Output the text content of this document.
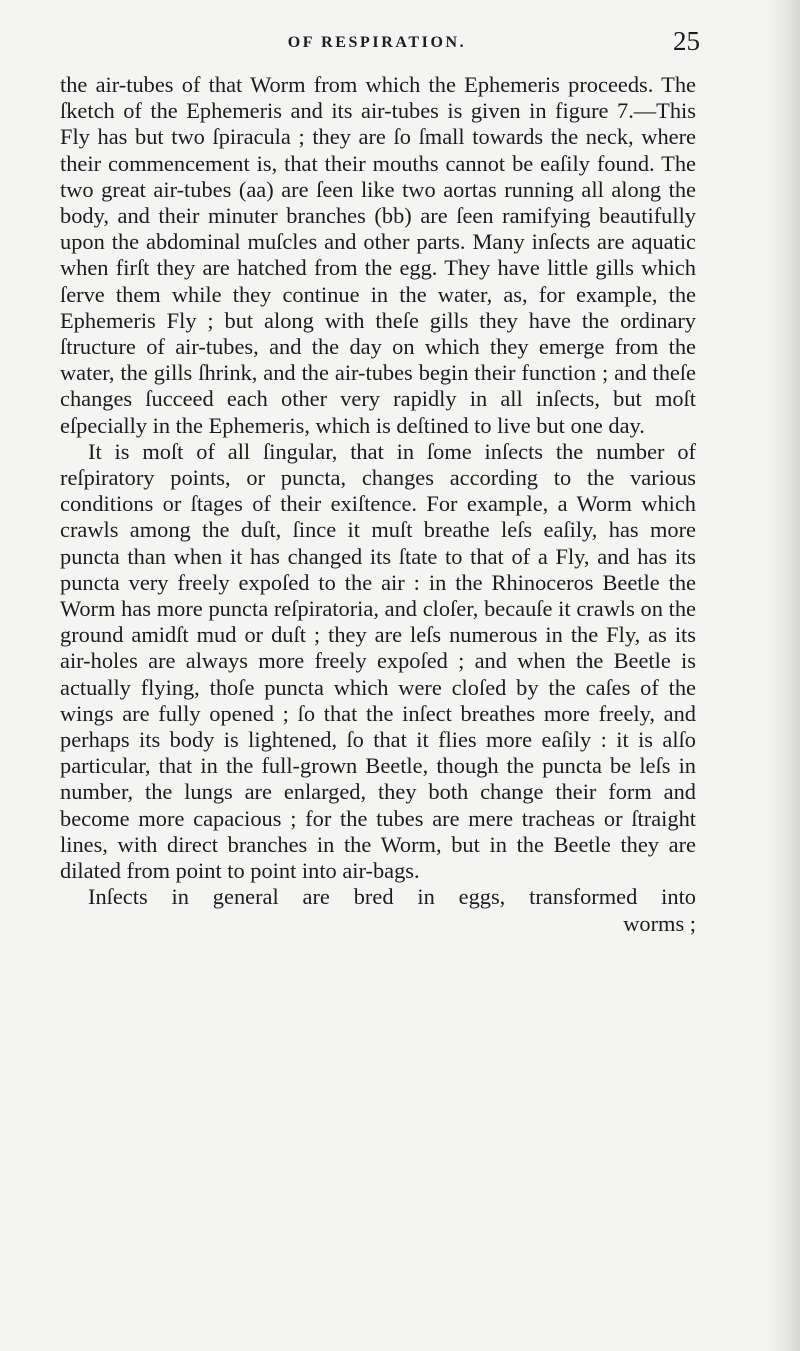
OF RESPIRATION.	25

the air-tubes of that Worm from which the Ephemeris proceeds. The ſketch of the Ephemeris and its air-tubes is given in figure 7.—This Fly has but two ſpiracula ; they are ſo ſmall towards the neck, where their commencement is, that their mouths cannot be eaſily found. The two great air-tubes (aa) are ſeen like two aortas running all along the body, and their minuter branches (bb) are ſeen ramifying beautifully upon the abdominal muſcles and other parts. Many inſects are aquatic when firſt they are hatched from the egg. They have little gills which ſerve them while they continue in the water, as, for example, the Ephemeris Fly ; but along with theſe gills they have the ordinary ſtructure of air-tubes, and the day on which they emerge from the water, the gills ſhrink, and the air-tubes begin their function ; and theſe changes ſucceed each other very rapidly in all inſects, but moſt eſpecially in the Ephemeris, which is deſtined to live but one day.

It is moſt of all ſingular, that in ſome inſects the number of reſpiratory points, or puncta, changes according to the various conditions or ſtages of their exiſtence. For example, a Worm which crawls among the duſt, ſince it muſt breathe leſs eaſily, has more puncta than when it has changed its ſtate to that of a Fly, and has its puncta very freely expoſed to the air : in the Rhinoceros Beetle the Worm has more puncta reſpiratoria, and cloſer, becauſe it crawls on the ground amidſt mud or duſt ; they are leſs numerous in the Fly, as its air-holes are always more freely expoſed ; and when the Beetle is actually flying, thoſe puncta which were cloſed by the caſes of the wings are fully opened ; ſo that the inſect breathes more freely, and perhaps its body is lightened, ſo that it flies more eaſily : it is alſo particular, that in the full-grown Beetle, though the puncta be leſs in number, the lungs are enlarged, they both change their form and become more capacious ; for the tubes are mere tracheas or ſtraight lines, with direct branches in the Worm, but in the Beetle they are dilated from point to point into air-bags.

Inſects in general are bred in eggs, transformed into

worms ;
